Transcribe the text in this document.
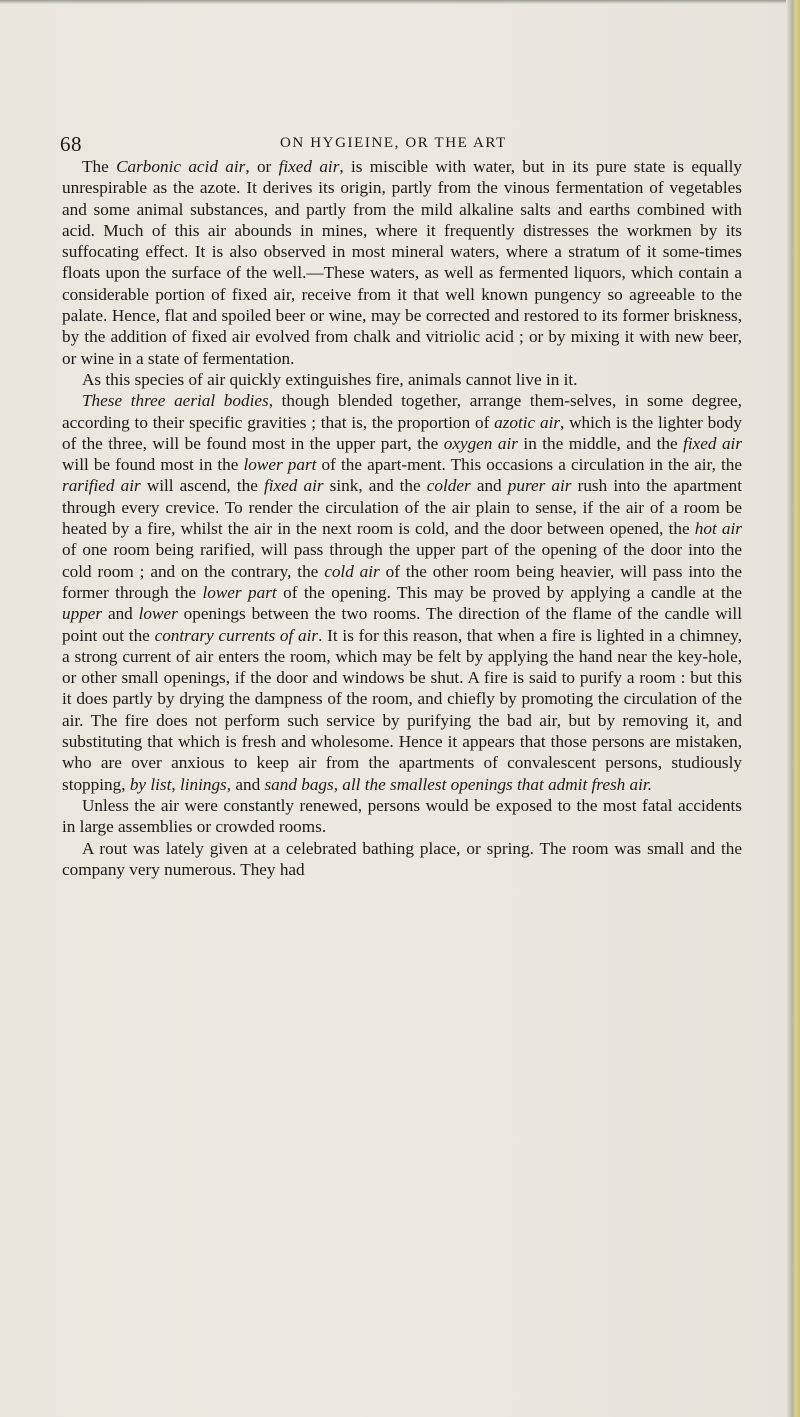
68	ON HYGIEINE, OR THE ART

The Carbonic acid air, or fixed air, is miscible with water, but in its pure state is equally unrespirable as the azote. It derives its origin, partly from the vinous fermentation of vegetables and some animal substances, and partly from the mild alkaline salts and earths combined with acid. Much of this air abounds in mines, where it frequently distresses the workmen by its suffocating effect. It is also observed in most mineral waters, where a stratum of it some-times floats upon the surface of the well.—These waters, as well as fermented liquors, which contain a considerable portion of fixed air, receive from it that well known pungency so agreeable to the palate. Hence, flat and spoiled beer or wine, may be corrected and restored to its former briskness, by the addition of fixed air evolved from chalk and vitriolic acid ; or by mixing it with new beer, or wine in a state of fermentation.

As this species of air quickly extinguishes fire, animals cannot live in it.

These three aerial bodies, though blended together, arrange them-selves, in some degree, according to their specific gravities ; that is, the proportion of azotic air, which is the lighter body of the three, will be found most in the upper part, the oxygen air in the middle, and the fixed air will be found most in the lower part of the apart-ment. This occasions a circulation in the air, the rarified air will ascend, the fixed air sink, and the colder and purer air rush into the apartment through every crevice. To render the circulation of the air plain to sense, if the air of a room be heated by a fire, whilst the air in the next room is cold, and the door between opened, the hot air of one room being rarified, will pass through the upper part of the opening of the door into the cold room ; and on the contrary, the cold air of the other room being heavier, will pass into the former through the lower part of the opening. This may be proved by applying a candle at the upper and lower openings between the two rooms. The direction of the flame of the candle will point out the contrary currents of air. It is for this reason, that when a fire is lighted in a chimney, a strong current of air enters the room, which may be felt by applying the hand near the key-hole, or other small openings, if the door and windows be shut. A fire is said to purify a room : but this it does partly by drying the dampness of the room, and chiefly by promoting the circulation of the air. The fire does not perform such service by purifying the bad air, but by removing it, and substituting that which is fresh and wholesome. Hence it appears that those persons are mistaken, who are over anxious to keep air from the apartments of convalescent persons, studiously stopping, by list, linings, and sand bags, all the smallest openings that admit fresh air.

Unless the air were constantly renewed, persons would be exposed to the most fatal accidents in large assemblies or crowded rooms.

A rout was lately given at a celebrated bathing place, or spring. The room was small and the company very numerous. They had
